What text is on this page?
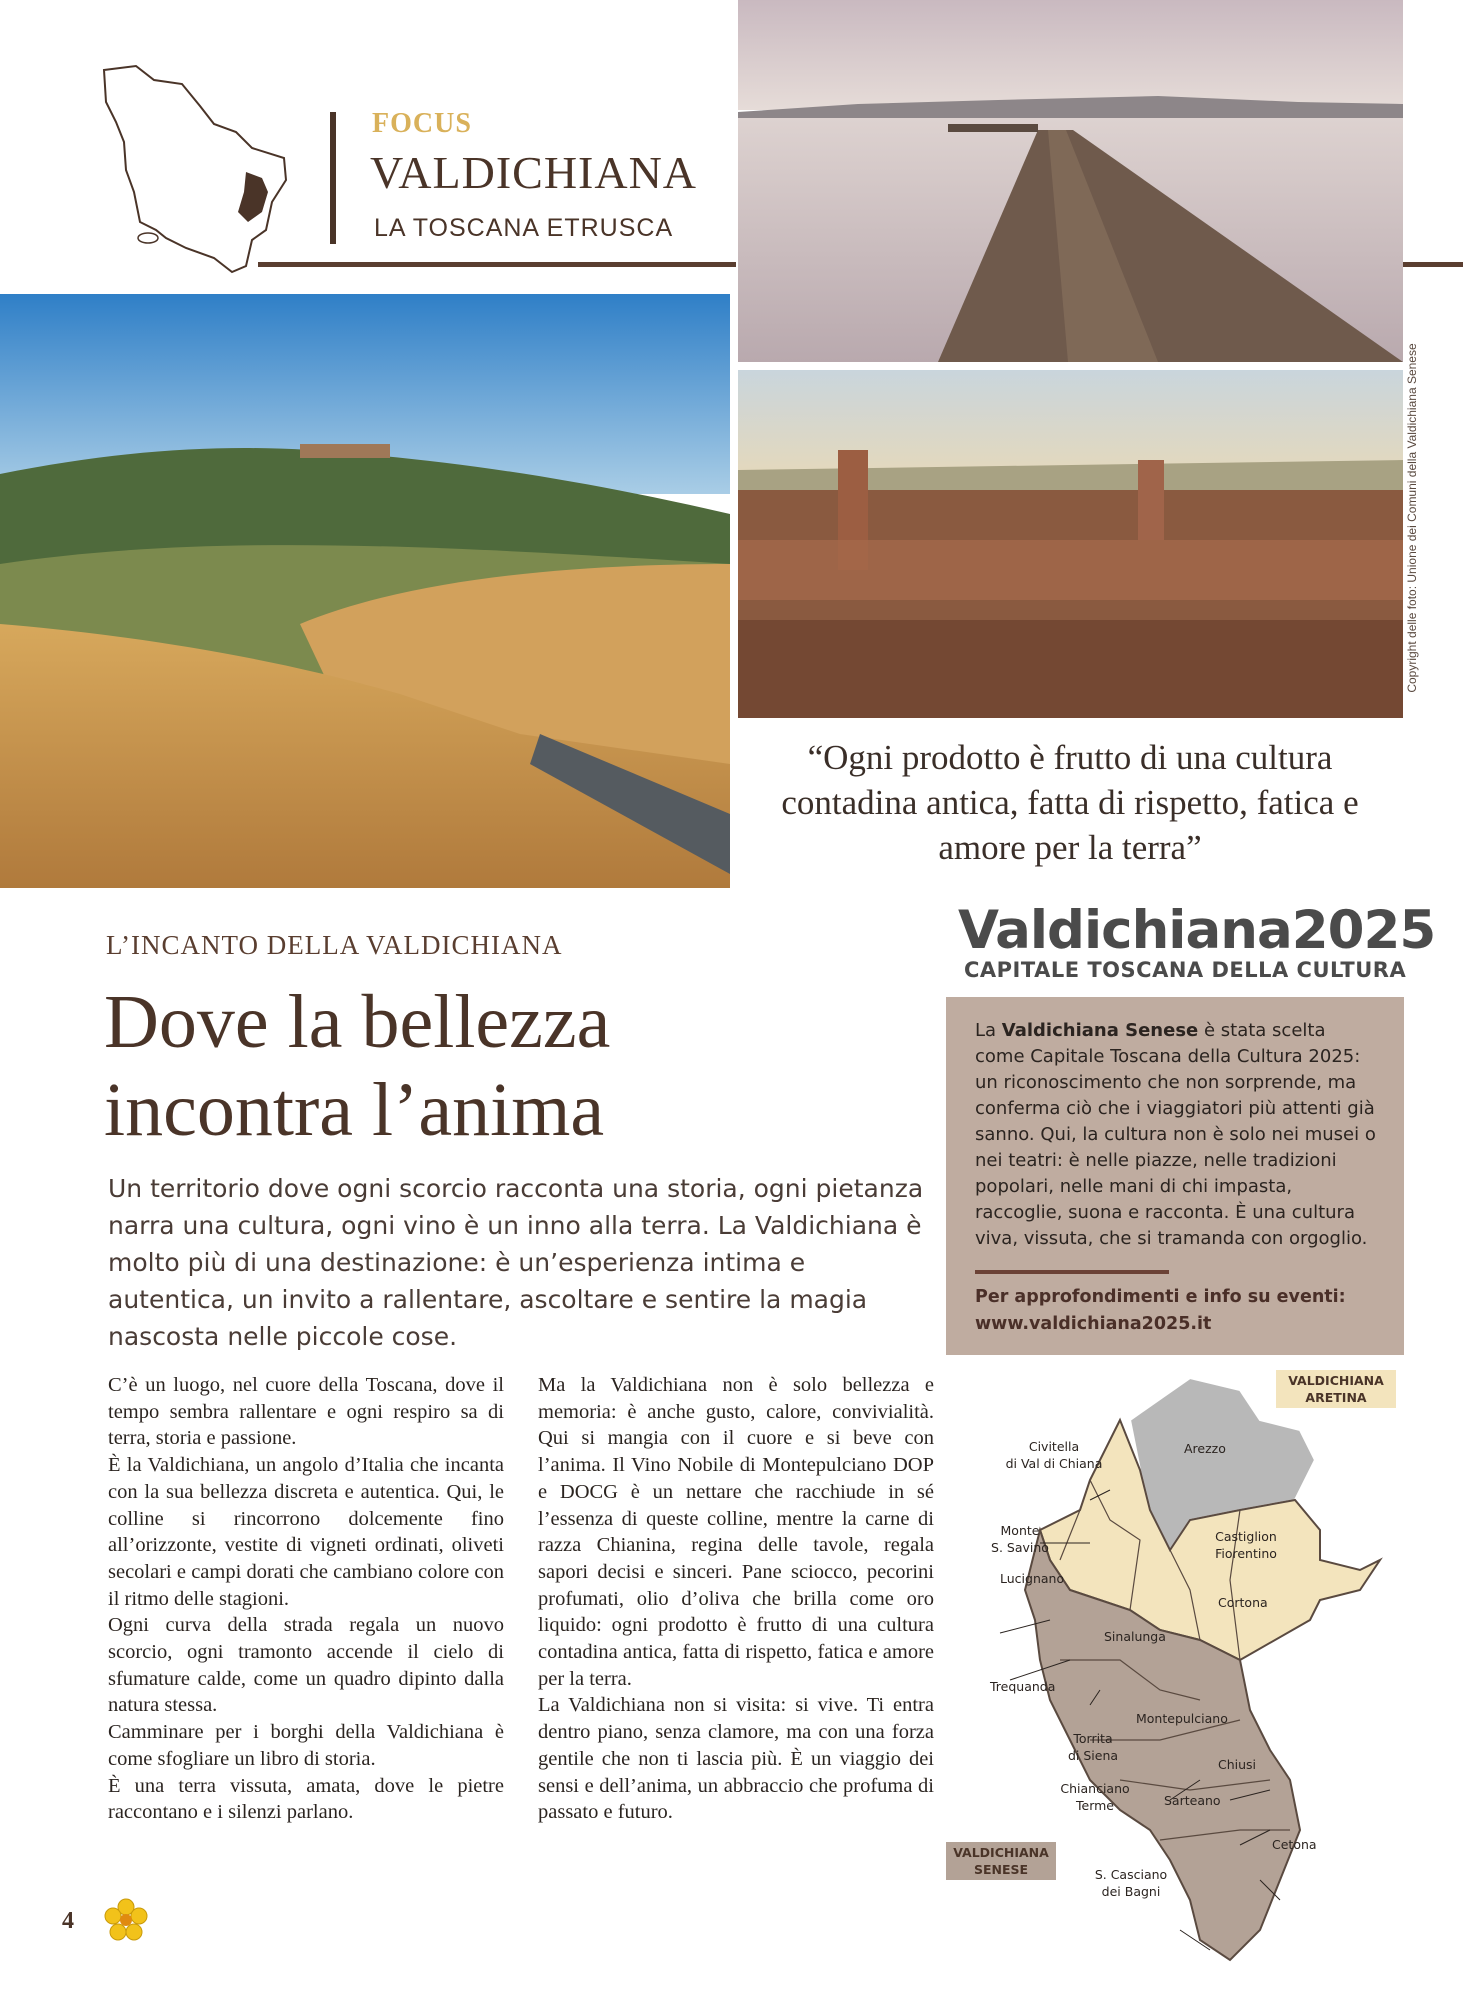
FOCUS
VALDICHIANA
LA TOSCANA ETRUSCA
Copyright delle foto: Unione dei Comuni della Valdichiana Senese
“Ogni prodotto è frutto di una cultura contadina antica, fatta di rispetto, fatica e amore per la terra”
L’INCANTO DELLA VALDICHIANA
Dove la bellezza
incontra l’anima
Un territorio dove ogni scorcio racconta una storia, ogni pietanza narra una cultura, ogni vino è un inno alla terra. La Valdichiana è molto più di una destinazione: è un’esperienza intima e autentica, un invito a rallentare, ascoltare e sentire la magia nascosta nelle piccole cose.

C’è un luogo, nel cuore della Toscana, dove il tempo sembra rallentare e ogni respiro sa di terra, storia e passione.

È la Valdichiana, un angolo d’Italia che incanta con la sua bellezza discreta e autentica. Qui, le colline si rincorrono dolcemente fino all’orizzonte, vestite di vigneti ordinati, oliveti secolari e campi dorati che cambiano colore con il ritmo delle stagioni.

Ogni curva della strada regala un nuovo scorcio, ogni tramonto accende il cielo di sfumature calde, come un quadro dipinto dalla natura stessa.

Camminare per i borghi della Valdichiana è come sfogliare un libro di storia.

È una terra vissuta, amata, dove le pietre raccontano e i silenzi parlano.

Ma la Valdichiana non è solo bellezza e memoria: è anche gusto, calore, convivialità. Qui si mangia con il cuore e si beve con l’anima. Il Vino Nobile di Montepulciano DOP e DOCG è un nettare che racchiude in sé l’essenza di queste colline, mentre la carne di razza Chianina, regina delle tavole, regala sapori decisi e sinceri. Pane sciocco, pecorini profumati, olio d’oliva che brilla come oro liquido: ogni prodotto è frutto di una cultura contadina antica, fatta di rispetto, fatica e amore per la terra.

La Valdichiana non si visita: si vive. Ti entra dentro piano, senza clamore, ma con una forza gentile che non ti lascia più. È un viaggio dei sensi e dell’anima, un abbraccio che profuma di passato e futuro.

Valdichiana2025
CAPITALE TOSCANA DELLA CULTURA
La Valdichiana Senese è stata scelta come Capitale Toscana della Cultura 2025: un riconoscimento che non sorprende, ma conferma ciò che i viaggiatori più attenti già sanno. Qui, la cultura non è solo nei musei o nei teatri: è nelle piazze, nelle tradizioni popolari, nelle mani di chi impasta, raccoglie, suona e racconta. È una cultura viva, vissuta, che si tramanda con orgoglio.
Per approfondimenti e info su eventi:
www.valdichiana2025.it
VALDICHIANA
ARETINA
VALDICHIANA
SENESE
Arezzo
Civitella
di Val di Chiana
Monte
S. Savino
Lucignano
Castiglion
Fiorentino
Cortona
Sinalunga
Trequanda
Torrita
di Siena
Montepulciano
Chiusi
Chianciano
Terme	Sarteano
Cetona
S. Casciano
dei Bagni
4
